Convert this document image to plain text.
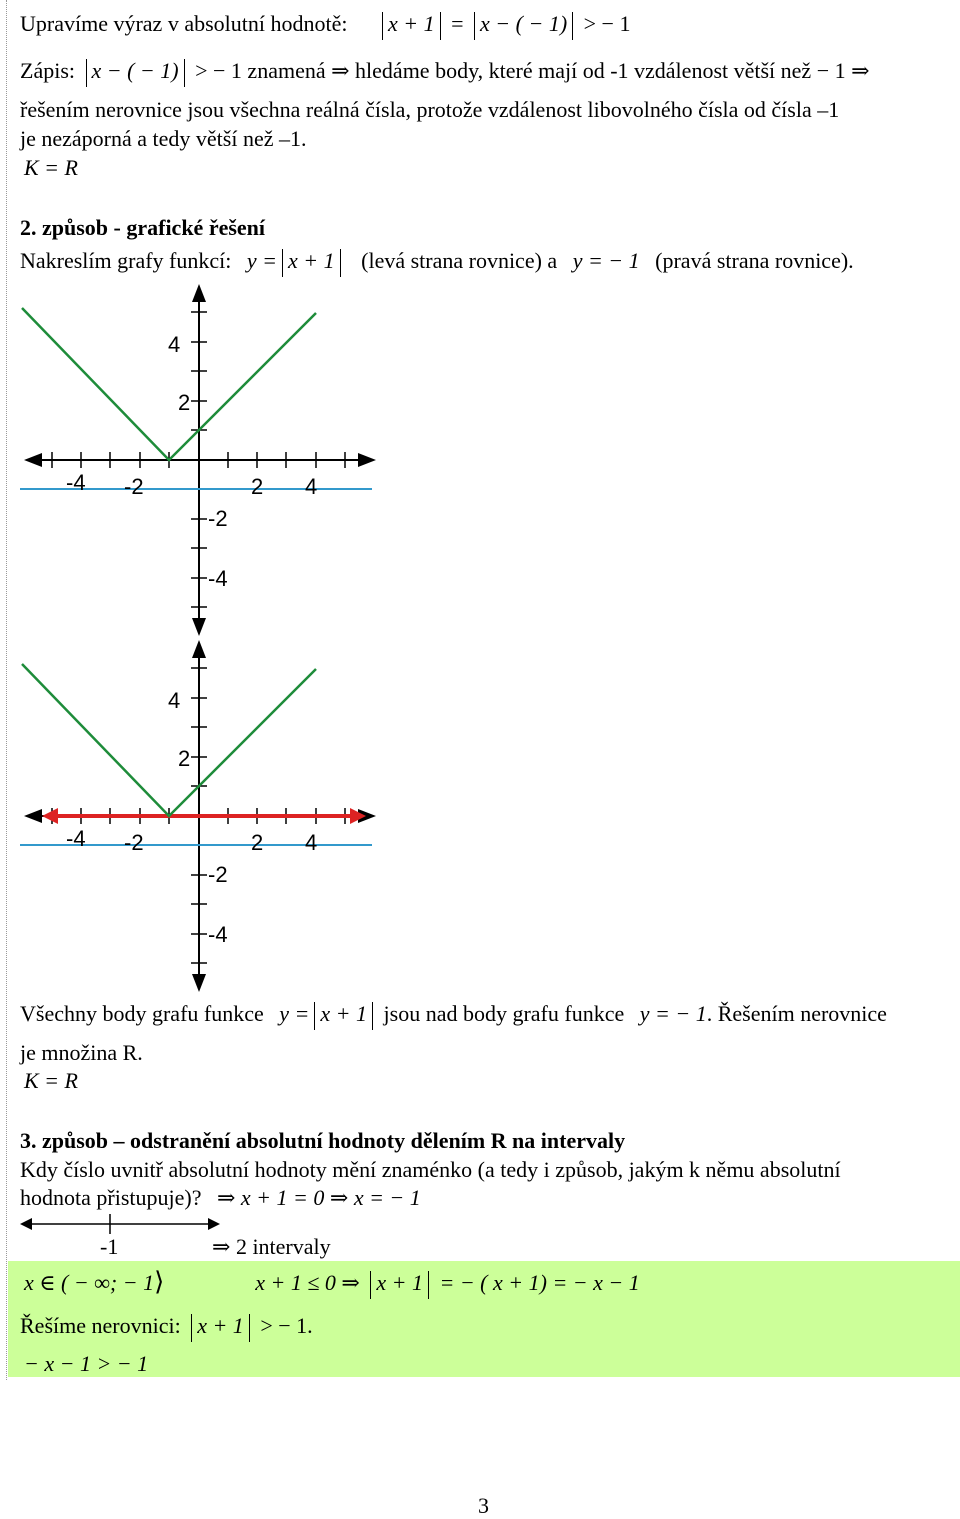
Upravíme výraz v absolutní hodnotě: x + 1 = x − ( − 1) > − 1
Zápis: x − ( − 1) > − 1 znamená ⇒ hledáme body, které mají od -1 vzdálenost větší než − 1 ⇒
řešením nerovnice jsou všechna reálná čísla, protože vzdálenost libovolného čísla od čísla –1
je nezáporná a tedy větší než –1.
K = R
2. způsob - grafické řešení
Nakreslím grafy funkcí: y = x + 1 (levá strana rovnice) a y = − 1 (pravá strana rovnice).
4
2
-2
-4
-4 -2	2 4
4
2
-2
-4
-4 -2	2 4
Všechny body grafu funkce y = x + 1 jsou nad body grafu funkce y = − 1. Řešením nerovnice
je množina R.
K = R
3. způsob – odstranění absolutní hodnoty dělením R na intervaly
Kdy číslo uvnitř absolutní hodnoty mění znaménko (a tedy i způsob, jakým k němu absolutní
hodnota přistupuje)? ⇒ x + 1 = 0 ⇒ x = − 1
-1	⇒ 2 intervaly
x ∈ ( − ∞; − 1⟩	x + 1 ≤ 0 ⇒ x + 1 = − ( x + 1) = − x − 1
Řešíme nerovnici: x + 1 > − 1.
− x − 1 > − 1
3
